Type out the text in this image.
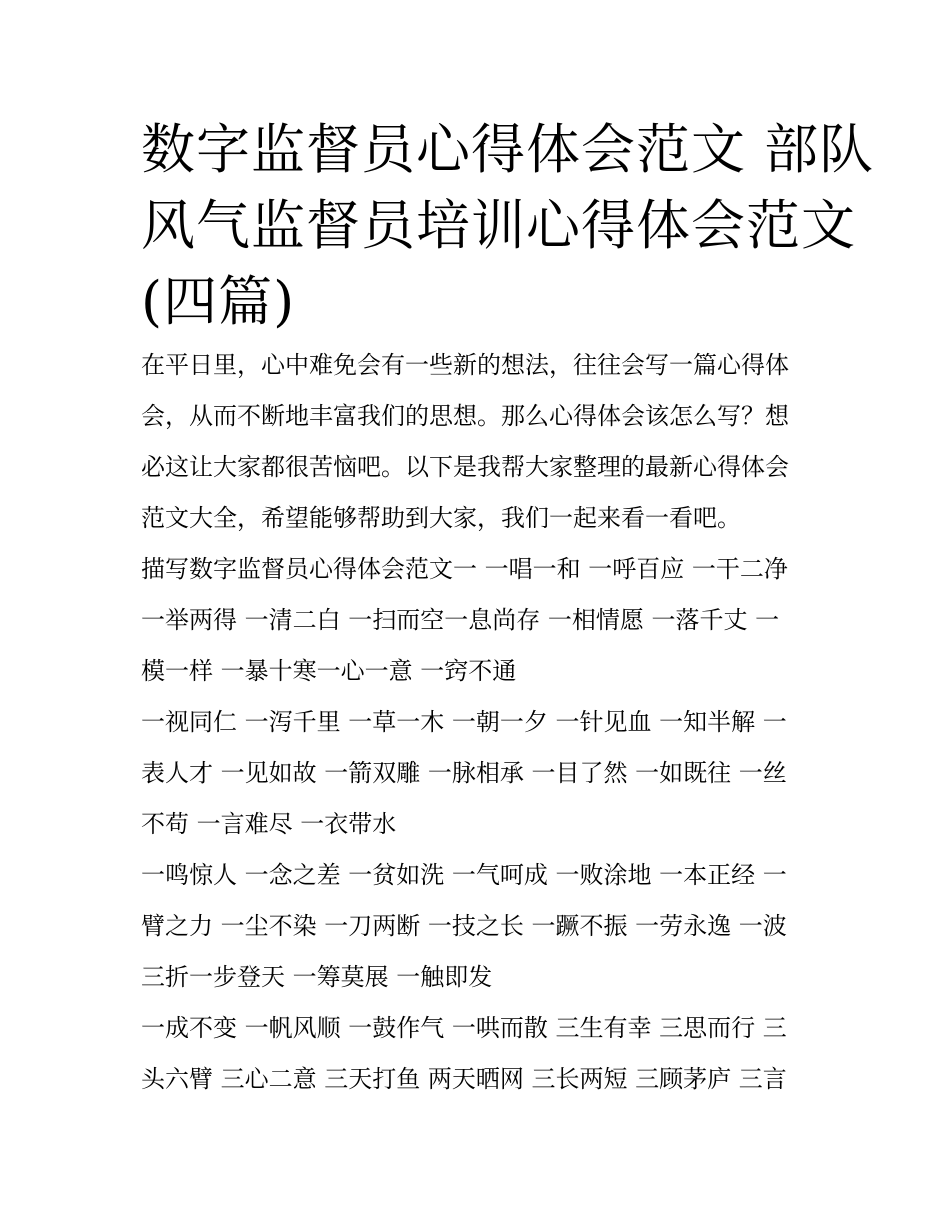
数字监督员心得体会范文 部队
风气监督员培训心得体会范文
(四篇)
在平日里，心中难免会有一些新的想法，往往会写一篇心得体
会，从而不断地丰富我们的思想。那么心得体会该怎么写？想
必这让大家都很苦恼吧。以下是我帮大家整理的最新心得体会
范文大全，希望能够帮助到大家，我们一起来看一看吧。
描写数字监督员心得体会范文一 一唱一和 一呼百应 一干二净
一举两得 一清二白 一扫而空一息尚存 一相情愿 一落千丈 一
模一样 一暴十寒一心一意 一窍不通
一视同仁 一泻千里 一草一木 一朝一夕 一针见血 一知半解 一
表人才 一见如故 一箭双雕 一脉相承 一目了然 一如既往 一丝
不苟 一言难尽 一衣带水
一鸣惊人 一念之差 一贫如洗 一气呵成 一败涂地 一本正经 一
臂之力 一尘不染 一刀两断 一技之长 一蹶不振 一劳永逸 一波
三折一步登天 一筹莫展 一触即发
一成不变 一帆风顺 一鼓作气 一哄而散 三生有幸 三思而行 三
头六臂 三心二意 三天打鱼 两天晒网 三长两短 三顾茅庐 三言
